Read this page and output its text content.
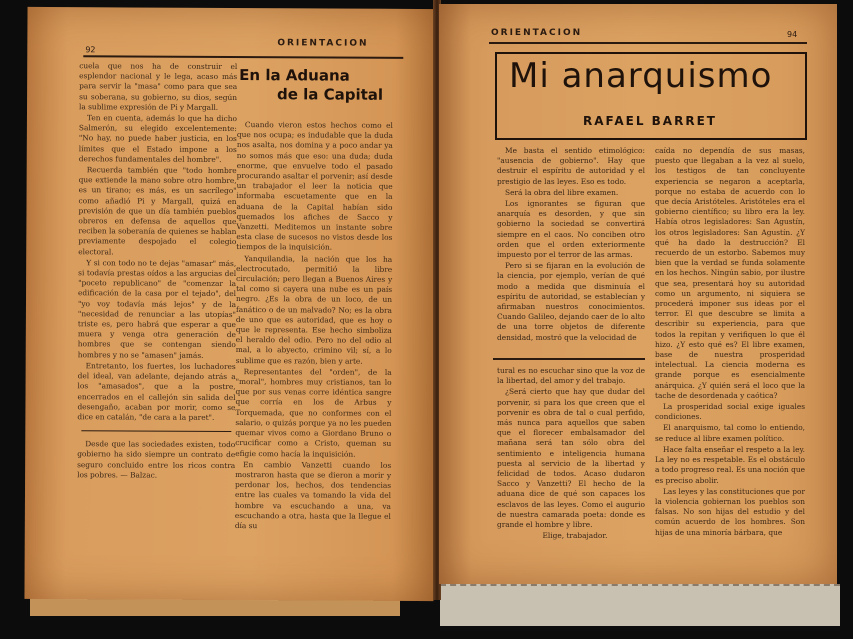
92
ORIENTACION

cuela que nos ha de construir el esplendor nacional y le lega, acaso más para servir la "masa" como para que sea su soberana, su gobierno, su dios, según la sublime expresión de Pi y Margall.

Ten en cuenta, además lo que ha dicho Salmerón, su elegido excelentemente: "No hay, no puede haber justicia, en los límites que el Estado impone a los derechos fundamentales del hombre".

Recuerda también que "todo hombre que extiende la mano sobre otro hombre, es un tirano; es más, es un sacrílego" como añadió Pi y Margall, quizá en previsión de que un día también pueblos obreros en defensa de aquellos que reciben la soberanía de quienes se hablan previamente despojado el colegio electoral.

Y si con todo no te dejas "amasar" más, si todavía prestas oídos a las argucias del "poceto republicano" de "comenzar la edificación de la casa por el tejado", del "yo voy todavía más lejos" y de la "necesidad de renunciar a las utopías" triste es, pero habrá que esperar a que muera y venga otra generación de hombres que se contengan siendo hombres y no se "amasen" jamás.

Entretanto, los fuertes, los luchadores del ideal, van adelante, dejando atrás a los "amasados", que a la postre, encerrados en el callejón sin salida del desengaño, acaban por morir, como se dice en catalán, "de cara a la paret".

Desde que las sociedades existen, todo gobierno ha sido siempre un contrato de seguro concluido entre los ricos contra los pobres. — Balzac.

En la Aduana
de la Capital

Cuando vieron estos hechos como el que nos ocupa; es indudable que la duda nos asalta, nos domina y a poco andar ya no somos más que eso: una duda; duda enorme, que envuelve todo el pasado procurando asaltar el porvenir; así desde un trabajador el leer la noticia que informaba escuetamente que en la aduana de la Capital habían sido quemados los afiches de Sacco y Vanzetti. Meditemos un instante sobre esta clase de sucesos no vistos desde los tiempos de la inquisición.

Yanquilandia, la nación que los ha electrocutado, permitió la libre circulación; pero llegan a Buenos Aires y tal como si cayera una nube es un país negro. ¿Es la obra de un loco, de un fanático o de un malvado? No; es la obra de uno que es autoridad, que es hoy o que le representa. Ese hecho simboliza el heraldo del odio. Pero no del odio al mal, a lo abyecto, crimino vil; sí, a lo sublime que es razón, bien y arte.

Representantes del "orden", de la "moral", hombres muy cristianos, tan lo que por sus venas corre idéntica sangre que corría en los de Arbus y Torquemada, que no conformes con el salario, o quizás porque ya no les pueden quemar vivos como a Giordano Bruno o crucificar como a Cristo, queman su efigie como hacía la inquisición.

En cambio Vanzetti cuando los mostraron hasta que se dieron a morir y perdonar los, hechos, dos tendencias entre las cuales va tomando la vida del hombre va escuchando a una, va escuchando a otra, hasta que la llegue el día su

ORIENTACION	94
Mi anarquismo
RAFAEL BARRET

Me basta el sentido etimológico: "ausencia de gobierno". Hay que destruir el espíritu de autoridad y el prestigio de las leyes. Eso es todo.

Será la obra del libre examen.

Los ignorantes se figuran que anarquía es desorden, y que sin gobierno la sociedad se convertirá siempre en el caos. No conciben otro orden que el orden exteriormente impuesto por el terror de las armas.

Pero si se fijaran en la evolución de la ciencia, por ejemplo, verían de qué modo a medida que disminuía el espíritu de autoridad, se establecían y afirmaban nuestros conocimientos. Cuando Galileo, dejando caer de lo alto de una torre objetos de diferente densidad, mostró que la velocidad de

tural es no escuchar sino que la voz de la libertad, del amor y del trabajo.

¿Será cierto que hay que dudar del porvenir, si para los que creen que el porvenir es obra de tal o cual perfido, más nunca para aquellos que saben que el florecer embalsamador del mañana será tan sólo obra del sentimiento e inteligencia humana puesta al servicio de la libertad y felicidad de todos. Acaso dudaron Sacco y Vanzetti? El hecho de la aduana dice de qué son capaces los esclavos de las leyes. Como el augurio de nuestra camarada poeta: donde es grande el hombre y libre.

Elige, trabajador.

caída no dependía de sus masas, puesto que llegaban a la vez al suelo, los testigos de tan concluyente experiencia se negaron a aceptarla, porque no estaba de acuerdo con lo que decía Aristóteles. Aristóteles era el gobierno científico; su libro era la ley. Había otros legisladores: San Agustín, los otros legisladores: San Agustín. ¿Y qué ha dado la destrucción? El recuerdo de un estorbo. Sabemos muy bien que la verdad se funda solamente en los hechos. Ningún sabio, por ilustre que sea, presentará hoy su autoridad como un argumento, ni siquiera se procederá imponer sus ideas por el terror. El que descubre se limita a describir su experiencia, para que todos la repitan y verifiquen lo que él hizo. ¿Y esto qué es? El libre examen, base de nuestra prosperidad intelectual. La ciencia moderna es grande porque es esencialmente anárquica. ¿Y quién será el loco que la tache de desordenada y caótica?

La prosperidad social exige iguales condiciones.

El anarquismo, tal como lo entiendo, se reduce al libre examen político.

Hace falta enseñar el respeto a la ley. La ley no es respetable. Es el obstáculo a todo progreso real. Es una noción que es preciso abolir.

Las leyes y las constituciones que por la violencia gobiernan los pueblos son falsas. No son hijas del estudio y del común acuerdo de los hombres. Son hijas de una minoría bárbara, que
